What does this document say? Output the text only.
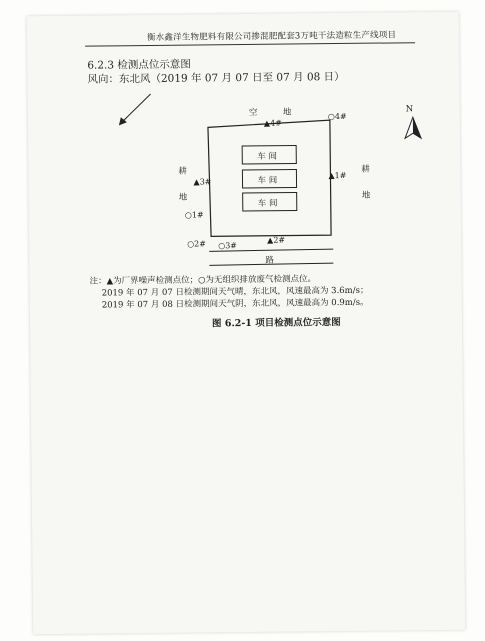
衡水鑫洋生物肥料有限公司掺混肥配套3万吨干法造粒生产线项目
6.2.3 检测点位示意图
风向：东北风（2019 年 07 月 07 日至 07 月 08 日）
N
空	地
耕
地
耕
地
车 间
车 间
车 间
▲4#
○4#
▲3#
▲1#
○1#
▲2#
○2# ○3#
路
注：▲为厂界噪声检测点位；○为无组织排放废气检测点位。
2019 年 07 月 07 日检测期间天气晴，东北风，风速最高为 3.6m/s；
2019 年 07 月 08 日检测期间天气阴，东北风，风速最高为 0.9m/s。
图 6.2-1 项目检测点位示意图
